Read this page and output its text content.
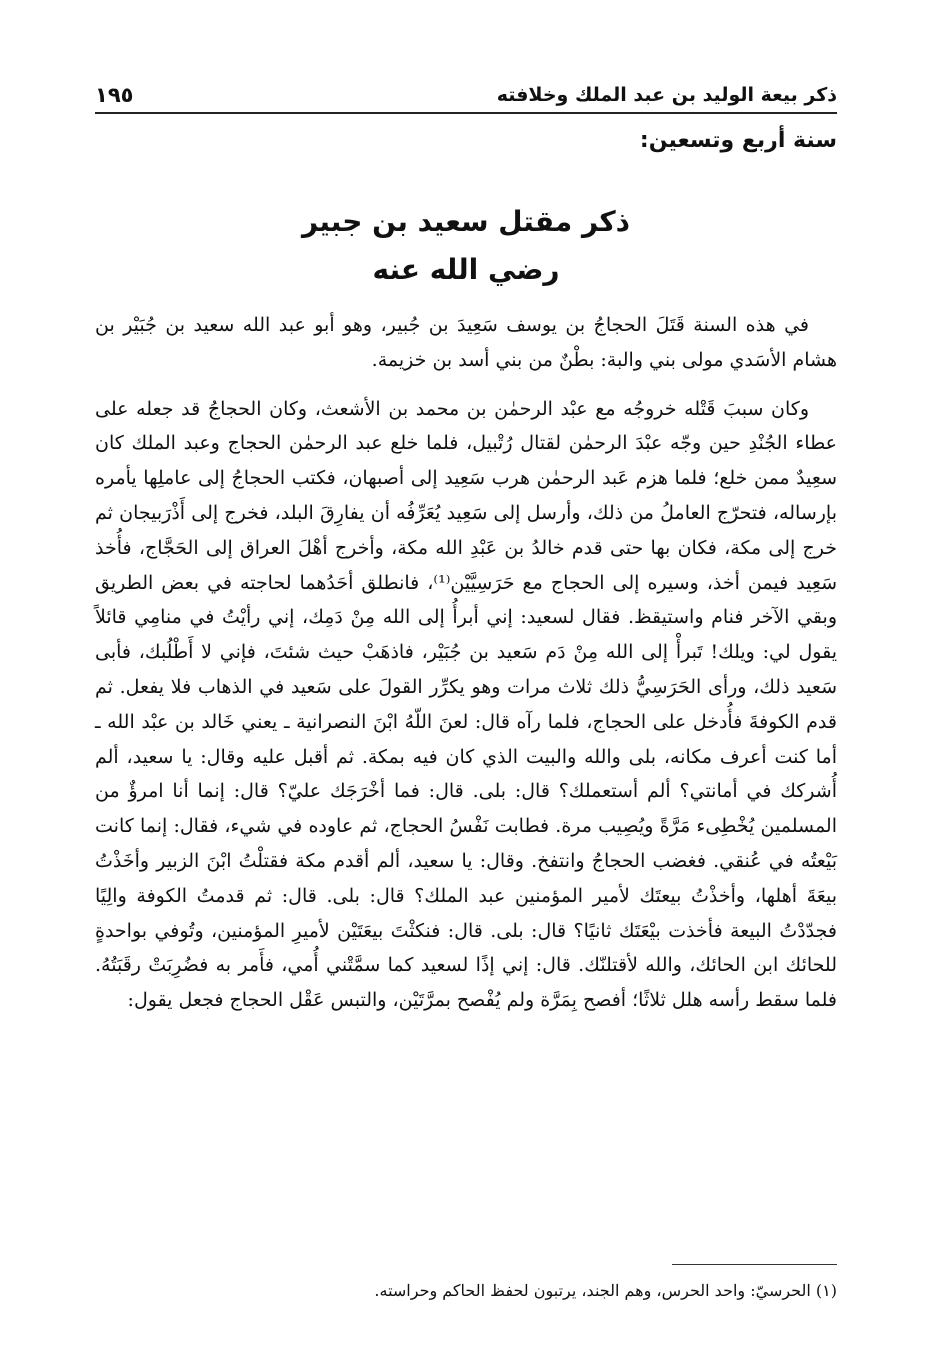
ذكر بيعة الوليد بن عبد الملك وخلافته
١٩٥
سنة أربع وتسعين:
ذكر مقتل سعيد بن جبير
رضي الله عنه

في هذه السنة قَتَلَ الحجاجُ بن يوسف سَعِيدَ بن جُبير، وهو أبو عبد الله سعيد بن جُبَيْر بن هشام الأسَدي مولى بني والبة: بطْنٌ من بني أسد بن خزيمة.

وكان سببَ قَتْله خروجُه مع عبْد الرحمٰن بن محمد بن الأشعث، وكان الحجاجُ قد جعله على عطاء الجُنْدِ حين وجّه عبْدَ الرحمٰن لقتال رُتْبيل، فلما خلع عبد الرحمٰن الحجاج وعبد الملك كان سعِيدٌ ممن خلع؛ فلما هزم عَبد الرحمٰن هرب سَعِيد إلى أصبهان، فكتب الحجاجُ إلى عاملِها يأمره بإرساله، فتحرّج العاملُ من ذلك، وأرسل إلى سَعِيد يُعَرِّفُه أن يفارِقَ البلد، فخرج إلى أَذْرَبيجان ثم خرج إلى مكة، فكان بها حتى قدم خالدُ بن عَبْدِ الله مكة، وأخرج أهْلَ العراق إلى الحَجَّاج، فأُخذ سَعِيد فيمن أخذ، وسيره إلى الحجاج مع حَرَسِيَّيْن⁽¹⁾، فانطلق أحَدُهما لحاجته في بعض الطريق وبقي الآخر فنام واستيقظ. فقال لسعيد: إني أبرأُ إلى الله مِنْ دَمِك، إني رأيْتُ في منامِي قائلاً يقول لي: ويلك! تَبرأْ إلى الله مِنْ دَم سَعيد بن جُبَيْر، فاذهَبْ حيث شئتَ، فإني لا أَطْلُبك، فأبى سَعيد ذلك، ورأى الحَرَسِيُّ ذلك ثلاث مرات وهو يكرِّر القولَ على سَعيد في الذهاب فلا يفعل. ثم قدم الكوفةَ فأُدخل على الحجاج، فلما رآه قال: لعنَ اللّهُ ابْنَ النصرانية ـ يعني خَالد بن عبْد الله ـ أما كنت أعرف مكانه، بلى والله والبيت الذي كان فيه بمكة. ثم أقبل عليه وقال: يا سعيد، ألم أُشركك في أمانتي؟ ألم أستعملك؟ قال: بلى. قال: فما أخْرَجَك عليّ؟ قال: إنما أنا امرؤٌ من المسلمين يُخْطِىء مَرَّةً ويُصِيب مرة. فطابت نَفْسُ الحجاج، ثم عاوده في شيء، فقال: إنما كانت بَيْعتُه في عُنقي. فغضب الحجاجُ وانتفخ. وقال: يا سعيد، ألم أقدم مكة فقتلْتُ ابْنَ الزبير وأخَذْتُ بيعَةَ أهلها، وأخذْتُ بيعتَك لأمير المؤمنين عبد الملك؟ قال: بلى. قال: ثم قدمتُ الكوفة والِيًا فجدّدْتُ البيعة فأخذت بيْعَتَك ثانيًا؟ قال: بلى. قال: فنكثْتَ بيعَتَيْن لأميرِ المؤمنين، وتُوفي بواحدةٍ للحائك ابن الحائك، والله لأقتلنّك. قال: إني إذًا لسعيد كما سمَّتْني أُمي، فأَمر به فضُرِبَتْ رقَبَتُهُ. فلما سقط رأسه هلل ثلاثًا؛ أفصح بِمَرَّة ولم يُفْصح بمرَّتَيْن، والتبس عَقْل الحجاج فجعل يقول:

(١) الحرسيّ: واحد الحرس، وهم الجند، يرتبون لحفظ الحاكم وحراسته.
